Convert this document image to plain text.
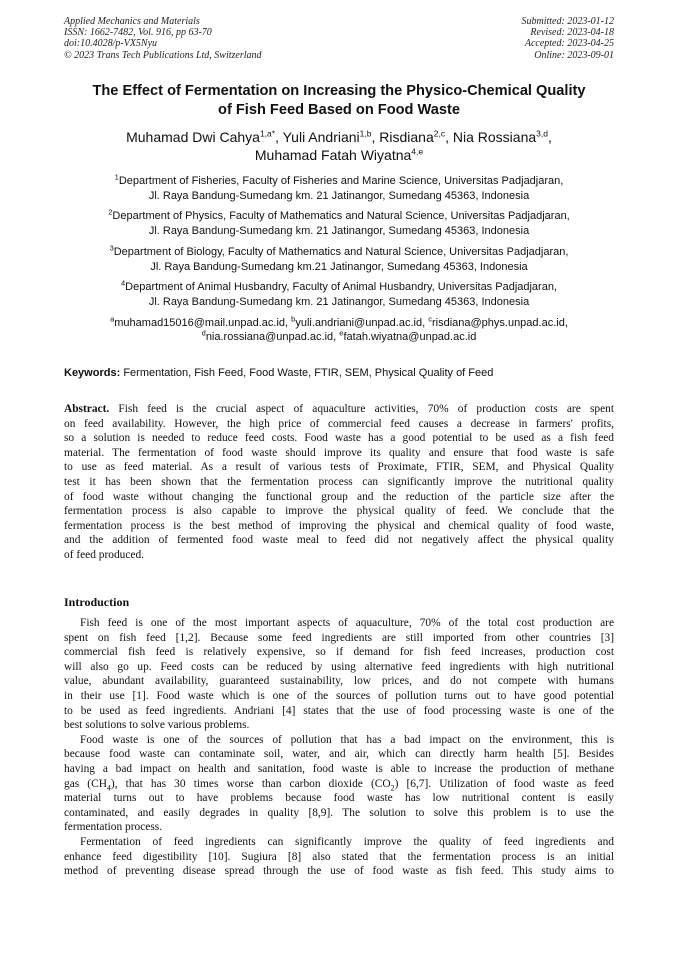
Applied Mechanics and Materials
ISSN: 1662-7482, Vol. 916, pp 63-70
doi:10.4028/p-VX5Nyu
© 2023 Trans Tech Publications Ltd, Switzerland
Submitted: 2023-01-12
Revised: 2023-04-18
Accepted: 2023-04-25
Online: 2023-09-01
The Effect of Fermentation on Increasing the Physico-Chemical Quality
of Fish Feed Based on Food Waste
Muhamad Dwi Cahya$^{1,a*}$, Yuli Andriani$^{1,b}$, Risdiana$^{2,c}$, Nia Rossiana$^{3,d}$,
Muhamad Fatah Wiyatna$^{4,e}$
$^1$Department of Fisheries, Faculty of Fisheries and Marine Science, Universitas Padjadjaran,
Jl. Raya Bandung-Sumedang km. 21 Jatinangor, Sumedang 45363, Indonesia
$^2$Department of Physics, Faculty of Mathematics and Natural Science, Universitas Padjadjaran,
Jl. Raya Bandung-Sumedang km. 21 Jatinangor, Sumedang 45363, Indonesia
$^3$Department of Biology, Faculty of Mathematics and Natural Science, Universitas Padjadjaran,
Jl. Raya Bandung-Sumedang km.21 Jatinangor, Sumedang 45363, Indonesia
$^4$Department of Animal Husbandry, Faculty of Animal Husbandry, Universitas Padjadjaran,
Jl. Raya Bandung-Sumedang km. 21 Jatinangor, Sumedang 45363, Indonesia
$^a$muhamad15016@mail.unpad.ac.id, $^b$yuli.andriani@unpad.ac.id, $^c$risdiana@phys.unpad.ac.id,
$^d$nia.rossiana@unpad.ac.id, $^e$fatah.wiyatna@unpad.ac.id
Keywords: Fermentation, Fish Feed, Food Waste, FTIR, SEM, Physical Quality of Feed
Abstract. Fish feed is the crucial aspect of aquaculture activities, 70% of production costs are spent
on feed availability. However, the high price of commercial feed causes a decrease in farmers' profits,
so a solution is needed to reduce feed costs. Food waste has a good potential to be used as a fish feed
material. The fermentation of food waste should improve its quality and ensure that food waste is safe
to use as feed material. As a result of various tests of Proximate, FTIR, SEM, and Physical Quality
test it has been shown that the fermentation process can significantly improve the nutritional quality
of food waste without changing the functional group and the reduction of the particle size after the
fermentation process is also capable to improve the physical quality of feed. We conclude that the
fermentation process is the best method of improving the physical and chemical quality of food waste,
and the addition of fermented food waste meal to feed did not negatively affect the physical quality
of feed produced.
Introduction
Fish feed is one of the most important aspects of aquaculture, 70% of the total cost production are
spent on fish feed [1,2]. Because some feed ingredients are still imported from other countries [3]
commercial fish feed is relatively expensive, so if demand for fish feed increases, production cost
will also go up. Feed costs can be reduced by using alternative feed ingredients with high nutritional
value, abundant availability, guaranteed sustainability, low prices, and do not compete with humans
in their use [1]. Food waste which is one of the sources of pollution turns out to have good potential
to be used as feed ingredients. Andriani [4] states that the use of food processing waste is one of the
best solutions to solve various problems.
Food waste is one of the sources of pollution that has a bad impact on the environment, this is
because food waste can contaminate soil, water, and air, which can directly harm health [5]. Besides
having a bad impact on health and sanitation, food waste is able to increase the production of methane
gas $(CH_4)$, that has 30 times worse than carbon dioxide $(CO_2)$ [6,7]. Utilization of food waste as feed
material turns out to have problems because food waste has low nutritional content is easily
contaminated, and easily degrades in quality [8,9]. The solution to solve this problem is to use the
fermentation process.
Fermentation of feed ingredients can significantly improve the quality of feed ingredients and
enhance feed digestibility [10]. Sugiura [8] also stated that the fermentation process is an initial
method of preventing disease spread through the use of food waste as fish feed. This study aims to
